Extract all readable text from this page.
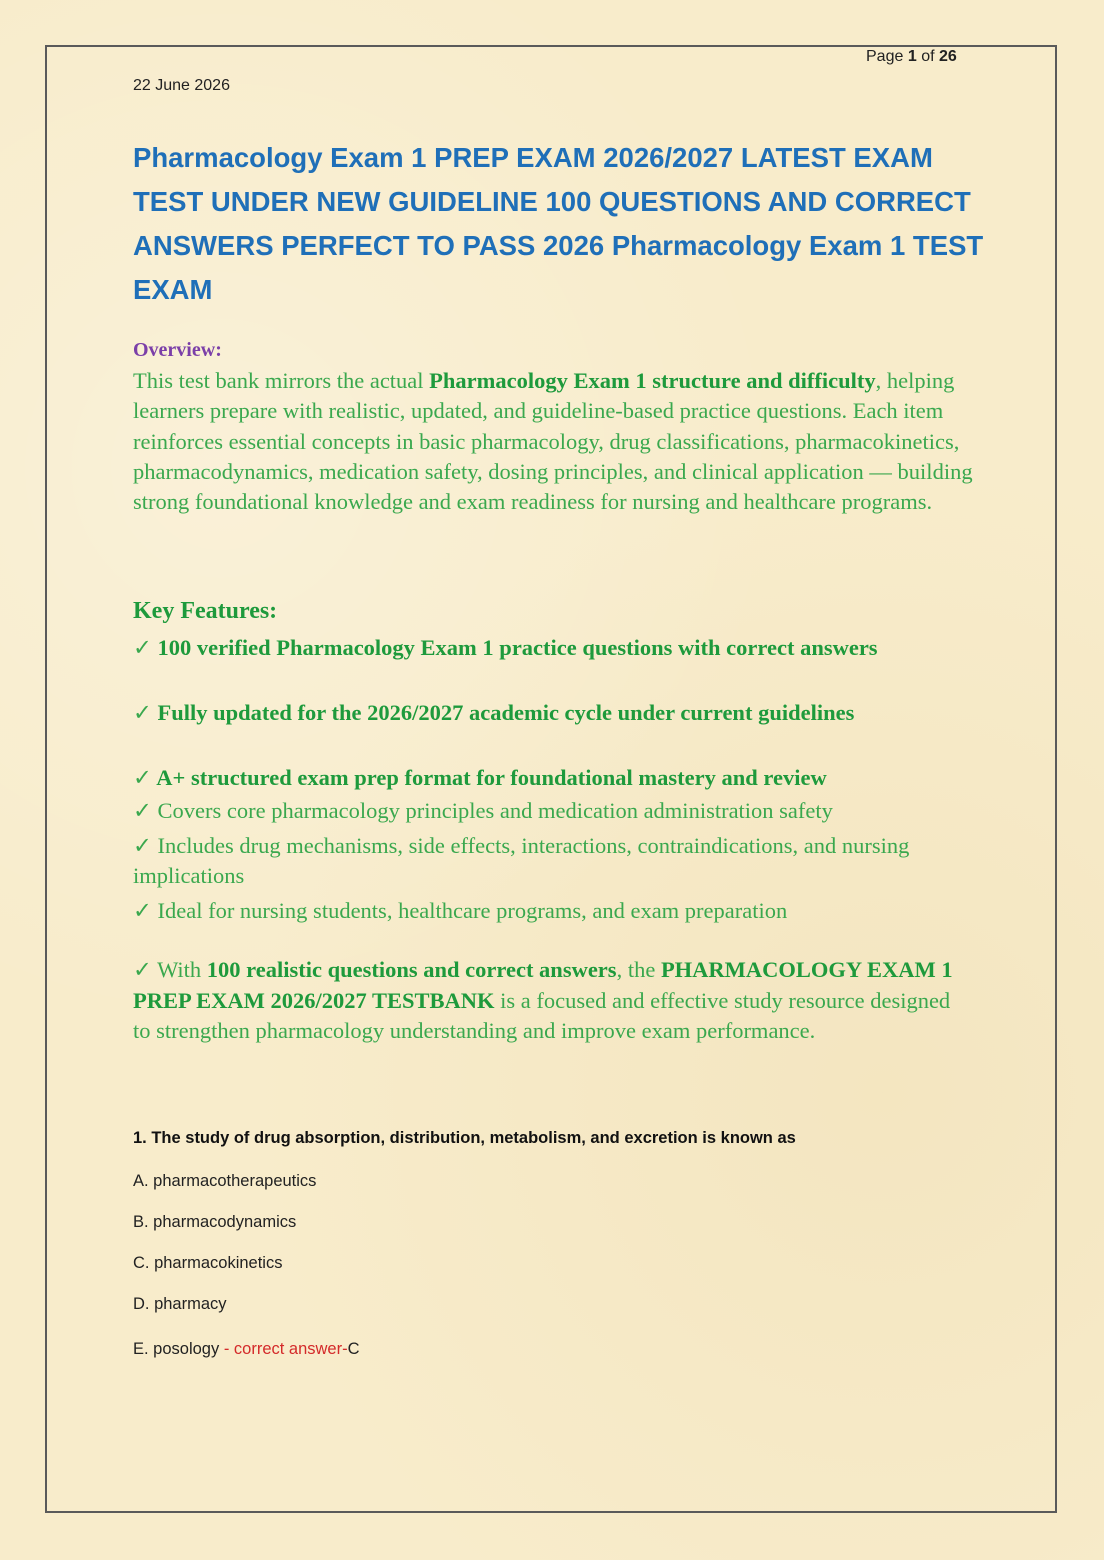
Page 1 of 26
22 June 2026
Pharmacology Exam 1 PREP EXAM 2026/2027 LATEST EXAM TEST UNDER NEW GUIDELINE 100 QUESTIONS AND CORRECT ANSWERS PERFECT TO PASS 2026 Pharmacology Exam 1 TEST EXAM
Overview:

This test bank mirrors the actual Pharmacology Exam 1 structure and difficulty, helping learners prepare with realistic, updated, and guideline-based practice questions. Each item reinforces essential concepts in basic pharmacology, drug classifications, pharmacokinetics, pharmacodynamics, medication safety, dosing principles, and clinical application — building strong foundational knowledge and exam readiness for nursing and healthcare programs.

Key Features:

✓ 100 verified Pharmacology Exam 1 practice questions with correct answers

✓ Fully updated for the 2026/2027 academic cycle under current guidelines

✓ A+ structured exam prep format for foundational mastery and review

✓ Covers core pharmacology principles and medication administration safety

✓ Includes drug mechanisms, side effects, interactions, contraindications, and nursing implications

✓ Ideal for nursing students, healthcare programs, and exam preparation

✓ With 100 realistic questions and correct answers, the PHARMACOLOGY EXAM 1 PREP EXAM 2026/2027 TESTBANK is a focused and effective study resource designed to strengthen pharmacology understanding and improve exam performance.

1. The study of drug absorption, distribution, metabolism, and excretion is known as
A. pharmacotherapeutics
B. pharmacodynamics
C. pharmacokinetics
D. pharmacy
E. posology - correct answer-C
